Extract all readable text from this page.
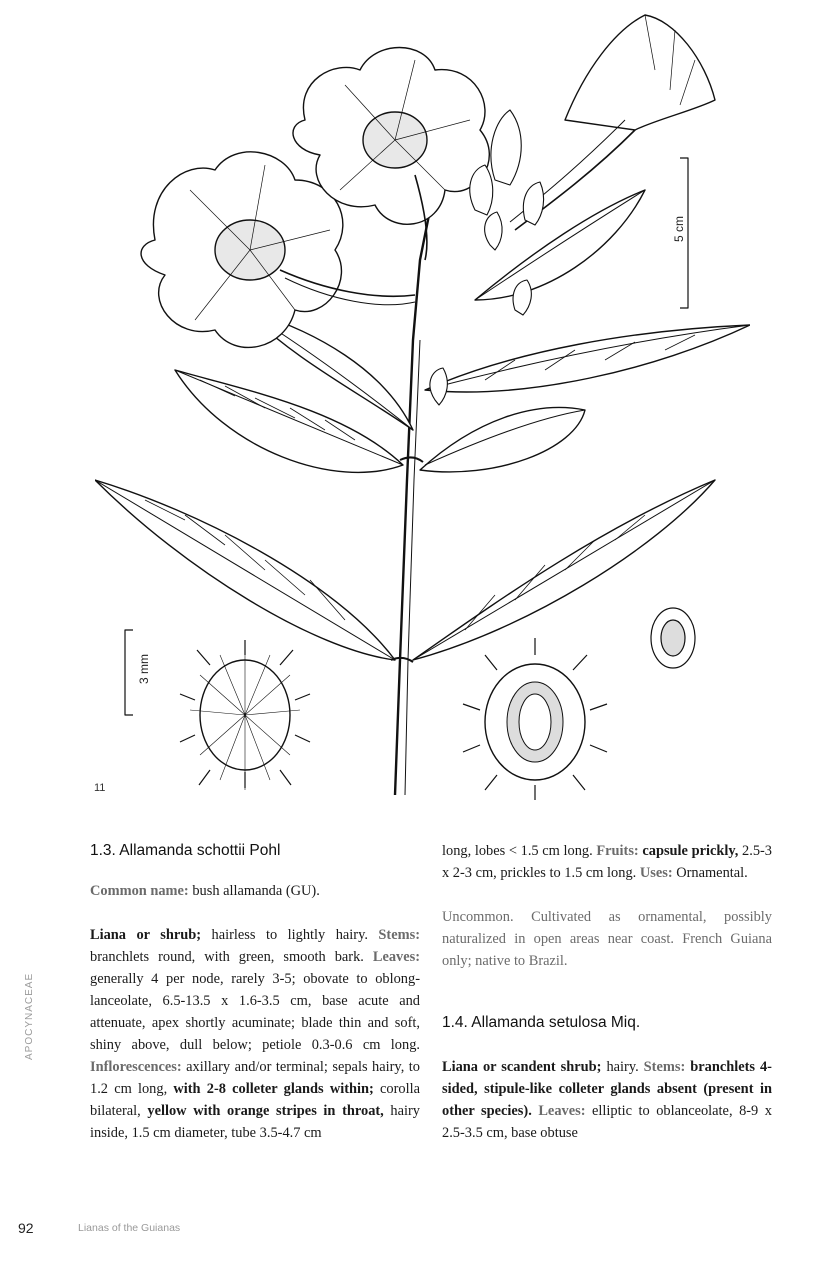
5 cm
3 mm
11
1.3. Allamanda schottii Pohl

Common name: bush allamanda (GU).

Liana or shrub; hairless to lightly hairy. Stems: branchlets round, with green, smooth bark. Leaves: generally 4 per node, rarely 3-5; obovate to oblong-lanceolate, 6.5-13.5 x 1.6-3.5 cm, base acute and attenuate, apex shortly acuminate; blade thin and soft, shiny above, dull below; petiole 0.3-0.6 cm long. Inflorescences: axillary and/or terminal; sepals hairy, to 1.2 cm long, with 2-8 colleter glands within; corolla bilateral, yellow with orange stripes in throat, hairy inside, 1.5 cm diameter, tube 3.5-4.7 cm

long, lobes < 1.5 cm long. Fruits: capsule prickly, 2.5-3 x 2-3 cm, prickles to 1.5 cm long. Uses: Ornamental.

Uncommon. Cultivated as ornamental, possibly naturalized in open areas near coast. French Guiana only; native to Brazil.

1.4. Allamanda setulosa Miq.

Liana or scandent shrub; hairy. Stems: branchlets 4-sided, stipule-like colleter glands absent (present in other species). Leaves: elliptic to oblanceolate, 8-9 x 2.5-3.5 cm, base obtuse

APOCYNACEAE
92	Lianas of the Guianas
